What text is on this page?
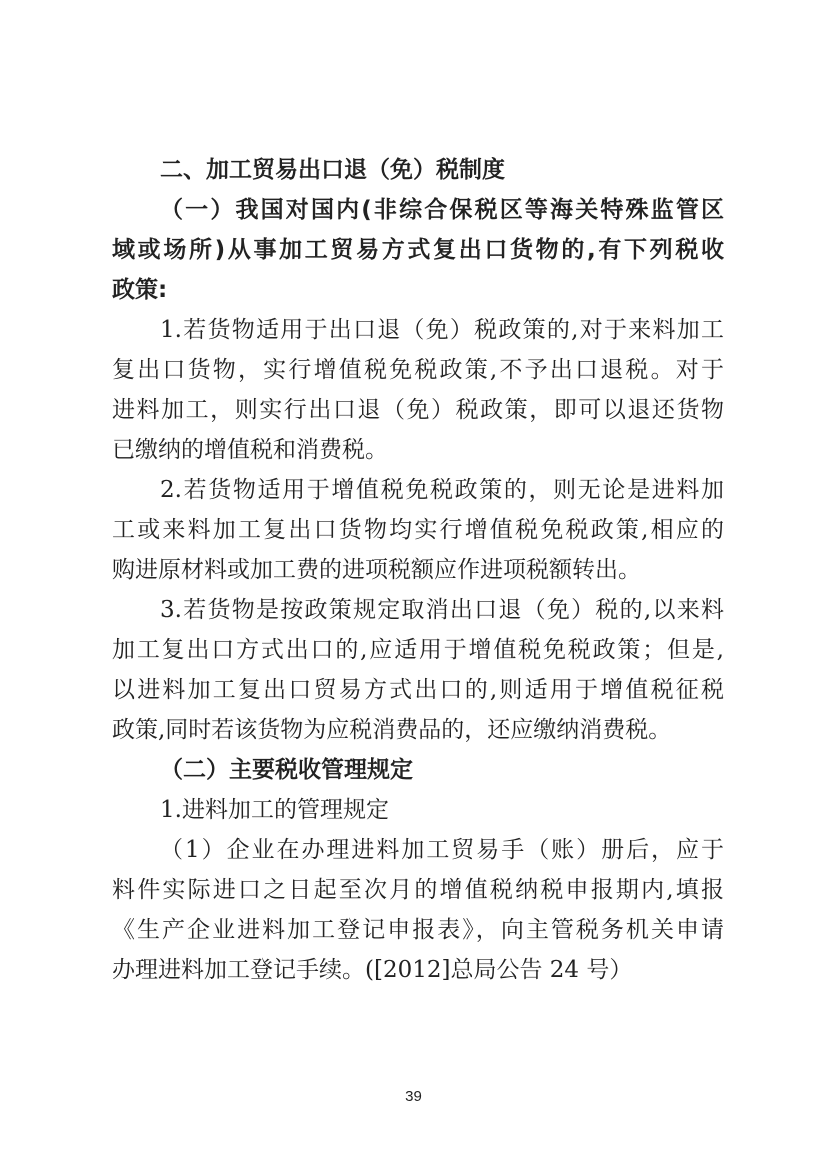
二、加工贸易出口退（免）税制度
（一）我国对国内(非综合保税区等海关特殊监管区
域或场所)从事加工贸易方式复出口货物的,有下列税收
政策:
1.若货物适用于出口退（免）税政策的,对于来料加工
复出口货物，实行增值税免税政策,不予出口退税。对于
进料加工，则实行出口退（免）税政策，即可以退还货物
已缴纳的增值税和消费税。
2.若货物适用于增值税免税政策的，则无论是进料加
工或来料加工复出口货物均实行增值税免税政策,相应的
购进原材料或加工费的进项税额应作进项税额转出。
3.若货物是按政策规定取消出口退（免）税的,以来料
加工复出口方式出口的,应适用于增值税免税政策；但是,
以进料加工复出口贸易方式出口的,则适用于增值税征税
政策,同时若该货物为应税消费品的，还应缴纳消费税。
（二）主要税收管理规定
1.进料加工的管理规定
（1）企业在办理进料加工贸易手（账）册后，应于
料件实际进口之日起至次月的增值税纳税申报期内,填报
《生产企业进料加工登记申报表》，向主管税务机关申请
办理进料加工登记手续。([2012]总局公告 24 号）
39
